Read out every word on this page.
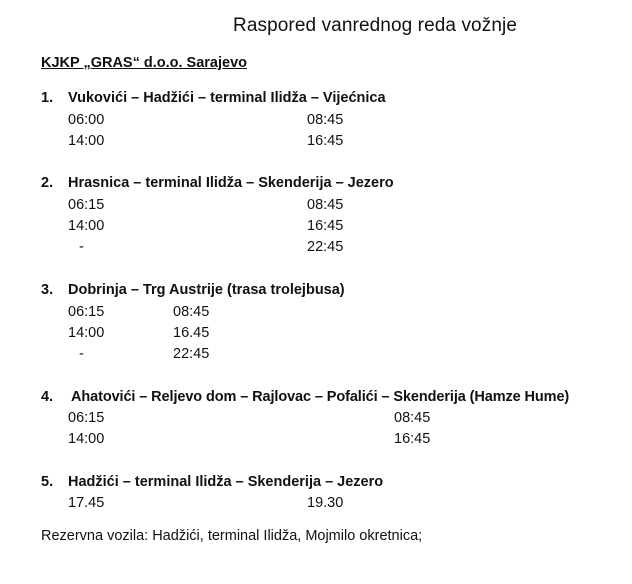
Raspored vanrednog reda vožnje
KJKP „GRAS“ d.o.o. Sarajevo
1. Vukovići – Hadžići – terminal Ilidža – Vijećnica
06:00	08:45
14:00	16:45
2. Hrasnica – terminal Ilidža – Skenderija – Jezero
06:15	08:45
14:00	16:45
-	22:45
3. Dobrinja – Trg Austrije (trasa trolejbusa)
06:15	08:45
14:00	16.45
-	22:45
4. Ahatovići – Reljevo dom – Rajlovac – Pofalići – Skenderija (Hamze Hume)
06:15	08:45
14:00	16:45
5. Hadžići – terminal Ilidža – Skenderija – Jezero
17.45	19.30
Rezervna vozila: Hadžići, terminal Ilidža, Mojmilo okretnica;
